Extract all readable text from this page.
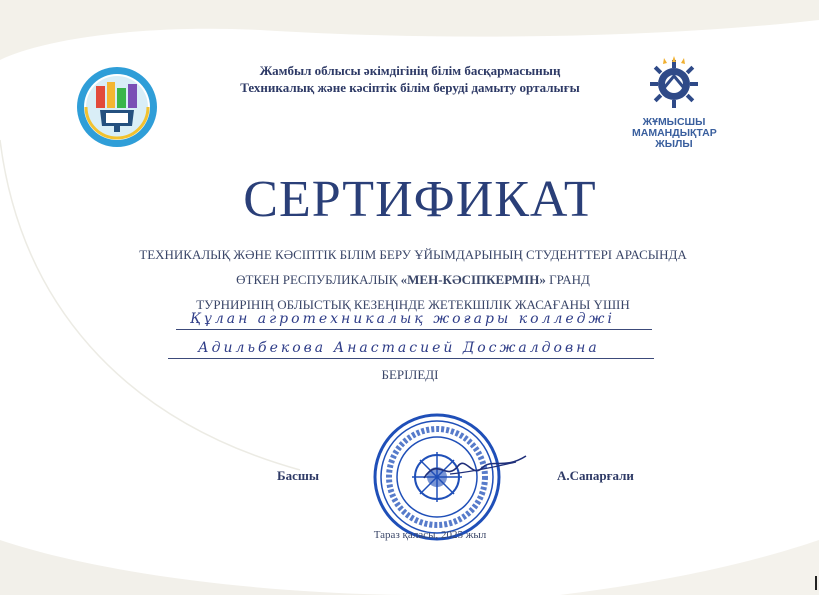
ЖҰМЫСШЫ
МАМАНДЫҚТАР
ЖЫЛЫ
Жамбыл облысы әкімдігінің білім басқармасының
Техникалық және кәсіптік білім беруді дамыту орталығы
СЕРТИФИКАТ
ТЕХНИКАЛЫҚ ЖӘНЕ КӘСІПТІК БІЛІМ БЕРУ ҰЙЫМДАРЫНЫҢ СТУДЕНТТЕРІ АРАСЫНДА
ӨТКЕН РЕСПУБЛИКАЛЫҚ «МЕН-КӘСІПКЕРМІН» ГРАНД
ТУРНИРІНІҢ ОБЛЫСТЫҚ КЕЗЕҢІНДЕ ЖЕТЕКШІЛІК ЖАСАҒАНЫ ҮШІН
Құлан агротехникалық жоғары колледжі
Адильбекова Анастасией Досжалдовна
БЕРІЛЕДІ
Басшы	А.Сапарғали
Тараз қаласы, 2025 жыл
